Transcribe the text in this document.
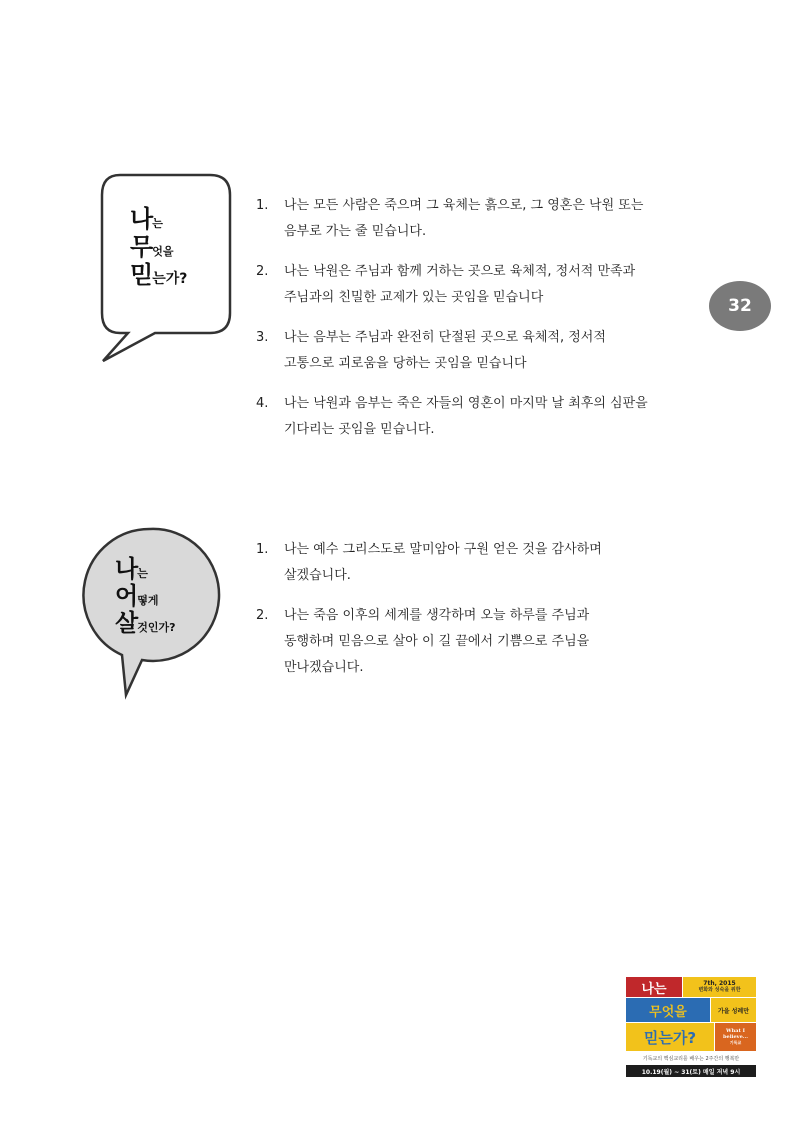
나는
무엇을
믿는가?
1. 나는 모든 사람은 죽으며 그 육체는 흙으로, 그 영혼은 낙원 또는
음부로 가는 줄 믿습니다.
2. 나는 낙원은 주님과 함께 거하는 곳으로 육체적, 정서적 만족과
주님과의 친밀한 교제가 있는 곳임을 믿습니다
3. 나는 음부는 주님과 완전히 단절된 곳으로 육체적, 정서적
고통으로 괴로움을 당하는 곳임을 믿습니다
4. 나는 낙원과 음부는 죽은 자들의 영혼이 마지막 날 최후의 심판을
기다리는 곳임을 믿습니다.
32
나는
어떻게
살것인가?
1. 나는 예수 그리스도로 말미암아 구원 얻은 것을 감사하며
살겠습니다.
2. 나는 죽음 이후의 세계를 생각하며 오늘 하루를 주님과
동행하며 믿음으로 살아 이 길 끝에서 기쁨으로 주님을
만나겠습니다.
나는	7th, 2015
변화와 성숙을 위한
무엇을	가을 성례만
믿는가?	What I believe...
기독교
기독교의 핵심교리를 배우는 2주간의 행복만
10.19(월) ~ 31(토) 매일 저녁 9시
